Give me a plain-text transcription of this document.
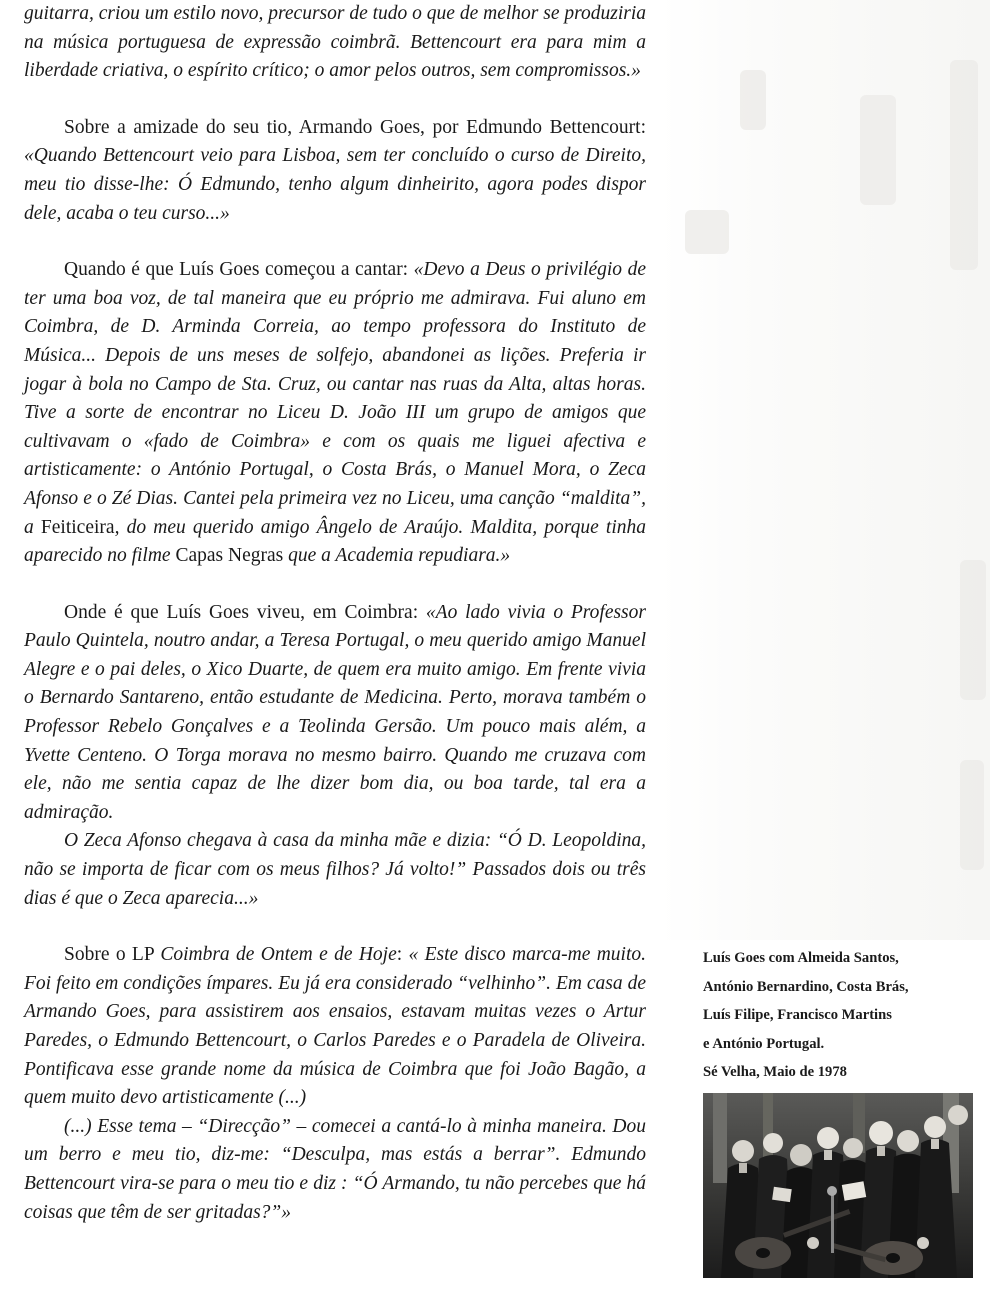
guitarra, criou um estilo novo, precursor de tudo o que de melhor se produziria na música portuguesa de expressão coimbrã. Bettencourt era para mim a liberdade criativa, o espírito crítico; o amor pelos outros, sem compromissos.»

Sobre a amizade do seu tio, Armando Goes, por Edmundo Bettencourt: «Quando Bettencourt veio para Lisboa, sem ter concluído o curso de Direito, meu tio disse-lhe: Ó Edmundo, tenho algum dinheirito, agora podes dispor dele, acaba o teu curso...»

Quando é que Luís Goes começou a cantar: «Devo a Deus o privilégio de ter uma boa voz, de tal maneira que eu próprio me admirava. Fui aluno em Coimbra, de D. Arminda Correia, ao tempo professora do Instituto de Música... Depois de uns meses de solfejo, abandonei as lições. Preferia ir jogar à bola no Campo de Sta. Cruz, ou cantar nas ruas da Alta, altas horas. Tive a sorte de encontrar no Liceu D. João III um grupo de amigos que cultivavam o «fado de Coimbra» e com os quais me liguei afectiva e artisticamente: o António Portugal, o Costa Brás, o Manuel Mora, o Zeca Afonso e o Zé Dias. Cantei pela primeira vez no Liceu, uma canção “maldita”, a Feiticeira, do meu querido amigo Ângelo de Araújo. Maldita, porque tinha aparecido no filme Capas Negras que a Academia repudiara.»

Onde é que Luís Goes viveu, em Coimbra: «Ao lado vivia o Professor Paulo Quintela, noutro andar, a Teresa Portugal, o meu querido amigo Manuel Alegre e o pai deles, o Xico Duarte, de quem era muito amigo. Em frente vivia o Bernardo Santareno, então estudante de Medicina. Perto, morava também o Professor Rebelo Gonçalves e a Teolinda Gersão. Um pouco mais além, a Yvette Centeno. O Torga morava no mesmo bairro. Quando me cruzava com ele, não me sentia capaz de lhe dizer bom dia, ou boa tarde, tal era a admiração.

O Zeca Afonso chegava à casa da minha mãe e dizia: “Ó D. Leopoldina, não se importa de ficar com os meus filhos? Já volto!” Passados dois ou três dias é que o Zeca aparecia...»

Sobre o LP Coimbra de Ontem e de Hoje: « Este disco marca-me muito. Foi feito em condições ímpares. Eu já era considerado “velhinho”. Em casa de Armando Goes, para assistirem aos ensaios, estavam muitas vezes o Artur Paredes, o Edmundo Bettencourt, o Carlos Paredes e o Paradela de Oliveira. Pontificava esse grande nome da música de Coimbra que foi João Bagão, a quem muito devo artisticamente (...)

(...) Esse tema – “Direcção” – comecei a cantá-lo à minha maneira. Dou um berro e meu tio, diz-me: “Desculpa, mas estás a berrar”. Edmundo Bettencourt vira-se para o meu tio e diz : “Ó Armando, tu não percebes que há coisas que têm de ser gritadas?”»

Luís Goes com Almeida Santos,
António Bernardino, Costa Brás,
Luís Filipe, Francisco Martins
e António Portugal.
Sé Velha, Maio de 1978
